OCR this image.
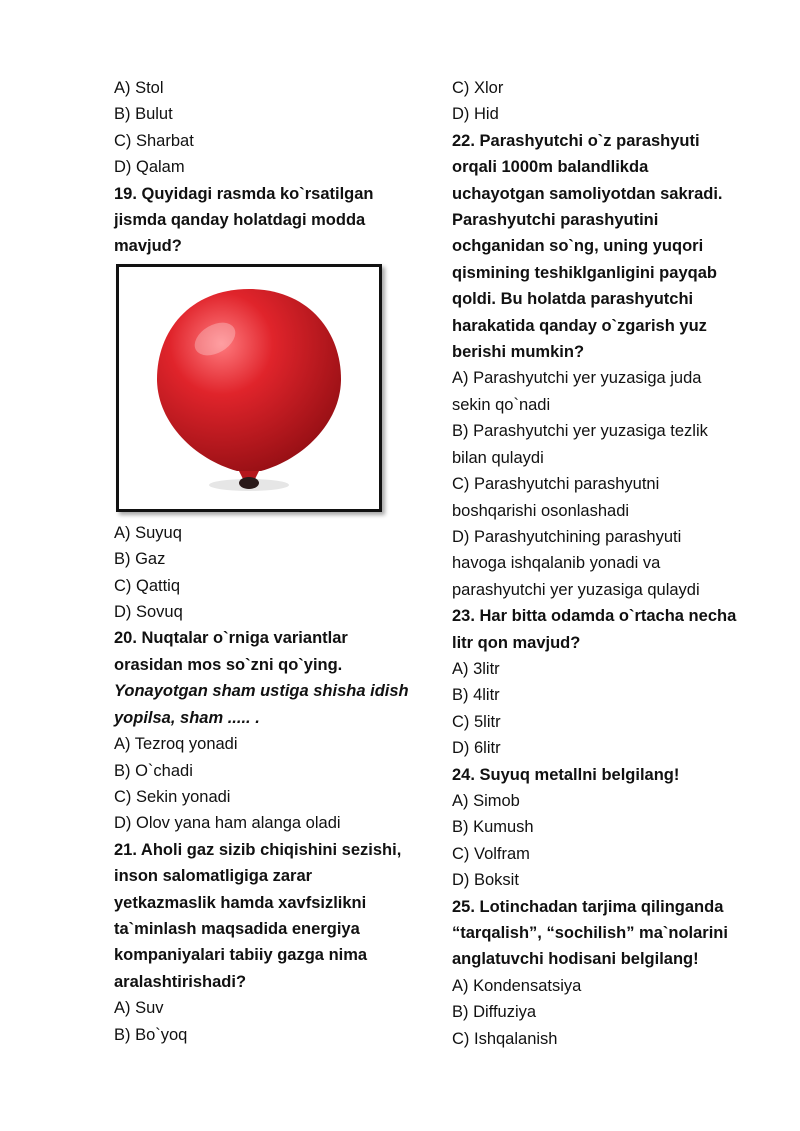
A) Stol
B) Bulut
C) Sharbat
D) Qalam
19. Quyidagi rasmda ko`rsatilgan
jismda qanday holatdagi modda
mavjud?
A) Suyuq
B) Gaz
C) Qattiq
D) Sovuq
20. Nuqtalar o`rniga variantlar
orasidan mos so`zni qo`ying.
Yonayotgan sham ustiga shisha idish
yopilsa, sham ..... .
A) Tezroq yonadi
B) O`chadi
C) Sekin yonadi
D) Olov yana ham alanga oladi
21. Aholi gaz sizib chiqishini sezishi,
inson salomatligiga zarar
yetkazmaslik hamda xavfsizlikni
ta`minlash maqsadida energiya
kompaniyalari tabiiy gazga nima
aralashtirishadi?
A) Suv
B) Bo`yoq
C) Xlor
D) Hid
22. Parashyutchi o`z parashyuti
orqali 1000m balandlikda
uchayotgan samoliyotdan sakradi.
Parashyutchi parashyutini
ochganidan so`ng, uning yuqori
qismining teshiklganligini payqab
qoldi. Bu holatda parashyutchi
harakatida qanday o`zgarish yuz
berishi mumkin?
A) Parashyutchi yer yuzasiga juda
sekin qo`nadi
B) Parashyutchi yer yuzasiga tezlik
bilan qulaydi
C) Parashyutchi parashyutni
boshqarishi osonlashadi
D) Parashyutchining parashyuti
havoga ishqalanib yonadi va
parashyutchi yer yuzasiga qulaydi
23. Har bitta odamda o`rtacha necha
litr qon mavjud?
A) 3litr
B) 4litr
C) 5litr
D) 6litr
24. Suyuq metallni belgilang!
A) Simob
B) Kumush
C) Volfram
D) Boksit
25. Lotinchadan tarjima qilinganda
“tarqalish”, “sochilish” ma`nolarini
anglatuvchi hodisani belgilang!
A) Kondensatsiya
B) Diffuziya
C) Ishqalanish
